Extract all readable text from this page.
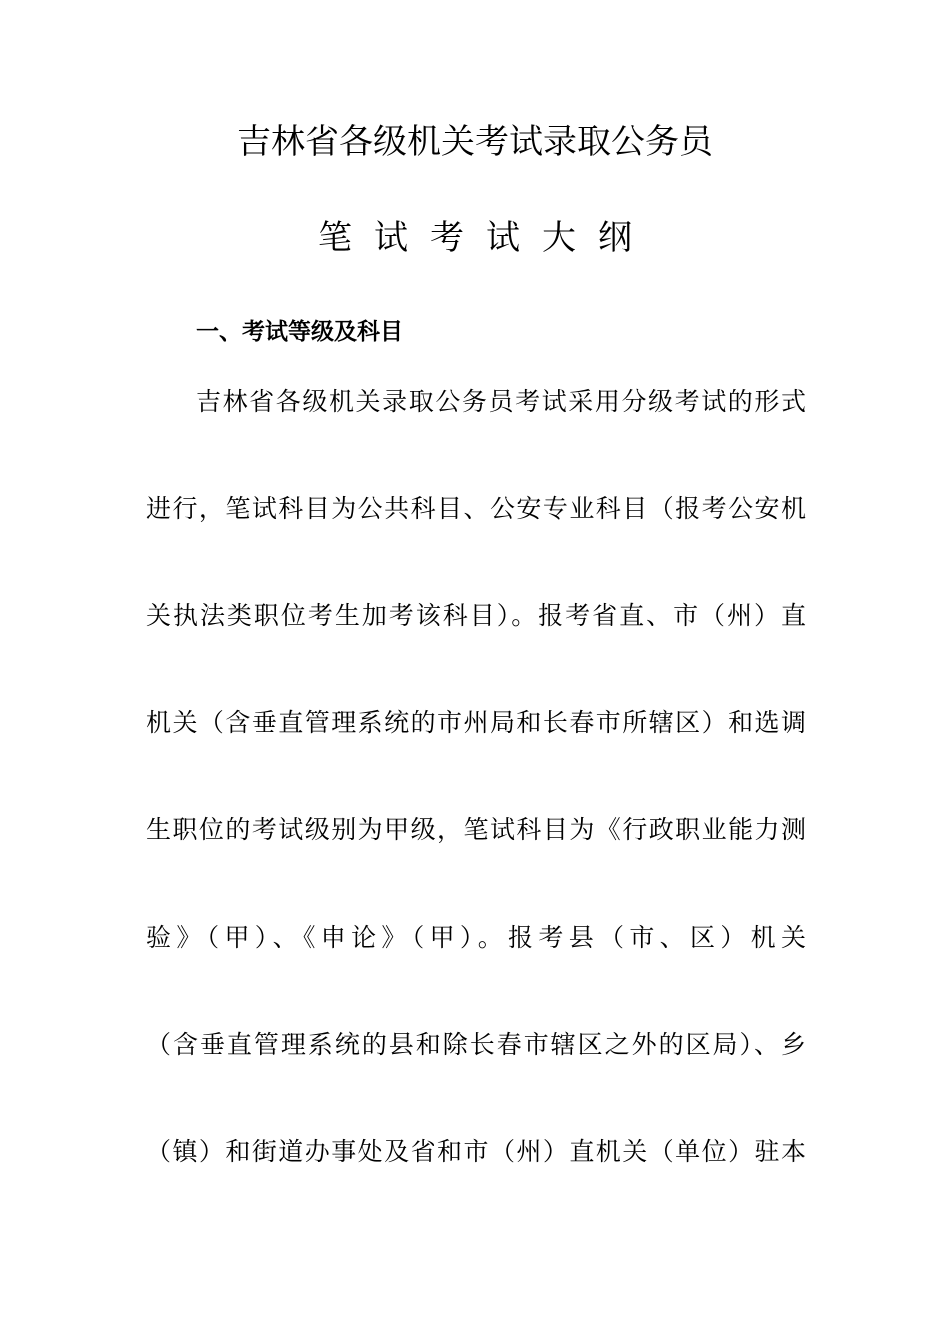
吉林省各级机关考试录取公务员
笔试考试大纲
一、考试等级及科目
吉林省各级机关录取公务员考试采用分级考试的形式
进行，笔试科目为公共科目、公安专业科目（报考公安机
关执法类职位考生加考该科目）。报考省直、市（州）直
机关（含垂直管理系统的市州局和长春市所辖区）和选调
生职位的考试级别为甲级，笔试科目为《行政职业能力测
验》（甲）、《申论》（甲）。报考县（市、区）机关
（含垂直管理系统的县和除长春市辖区之外的区局）、乡
（镇）和街道办事处及省和市（州）直机关（单位）驻本
